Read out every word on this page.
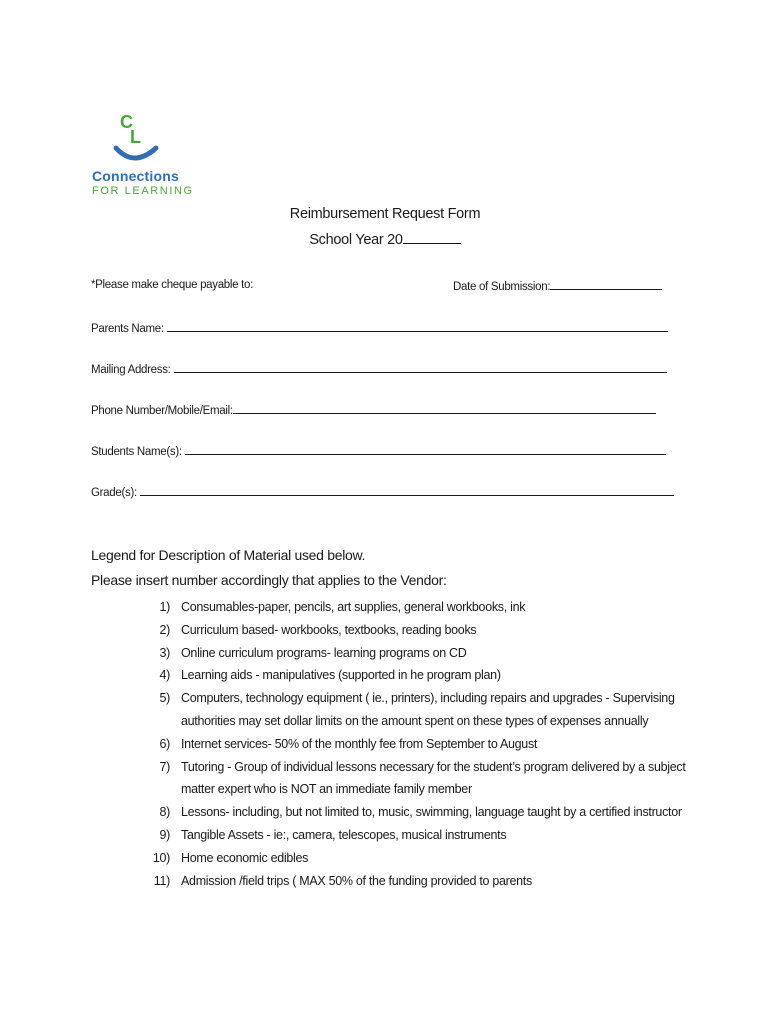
C
L
Connections
FOR LEARNING
Reimbursement Request Form
School Year 20
*Please make cheque payable to:	Date of Submission:
Parents Name:
Mailing Address:
Phone Number/Mobile/Email:
Students Name(s):
Grade(s):
Legend for Description of Material used below.
Please insert number accordingly that applies to the Vendor:
1) Consumables-paper, pencils, art supplies, general workbooks, ink
2) Curriculum based- workbooks, textbooks, reading books
3) Online curriculum programs- learning programs on CD
4) Learning aids - manipulatives (supported in he program plan)
5) Computers, technology equipment ( ie., printers), including repairs and upgrades - Supervising authorities may set dollar limits on the amount spent on these types of expenses annually
6) Internet services- 50% of the monthly fee from September to August
7) Tutoring - Group of individual lessons necessary for the student’s program delivered by a subject matter expert who is NOT an immediate family member
8) Lessons- including, but not limited to, music, swimming, language taught by a certified instructor
9) Tangible Assets - ie:, camera, telescopes, musical instruments
10) Home economic edibles
11) Admission /field trips ( MAX 50% of the funding provided to parents
